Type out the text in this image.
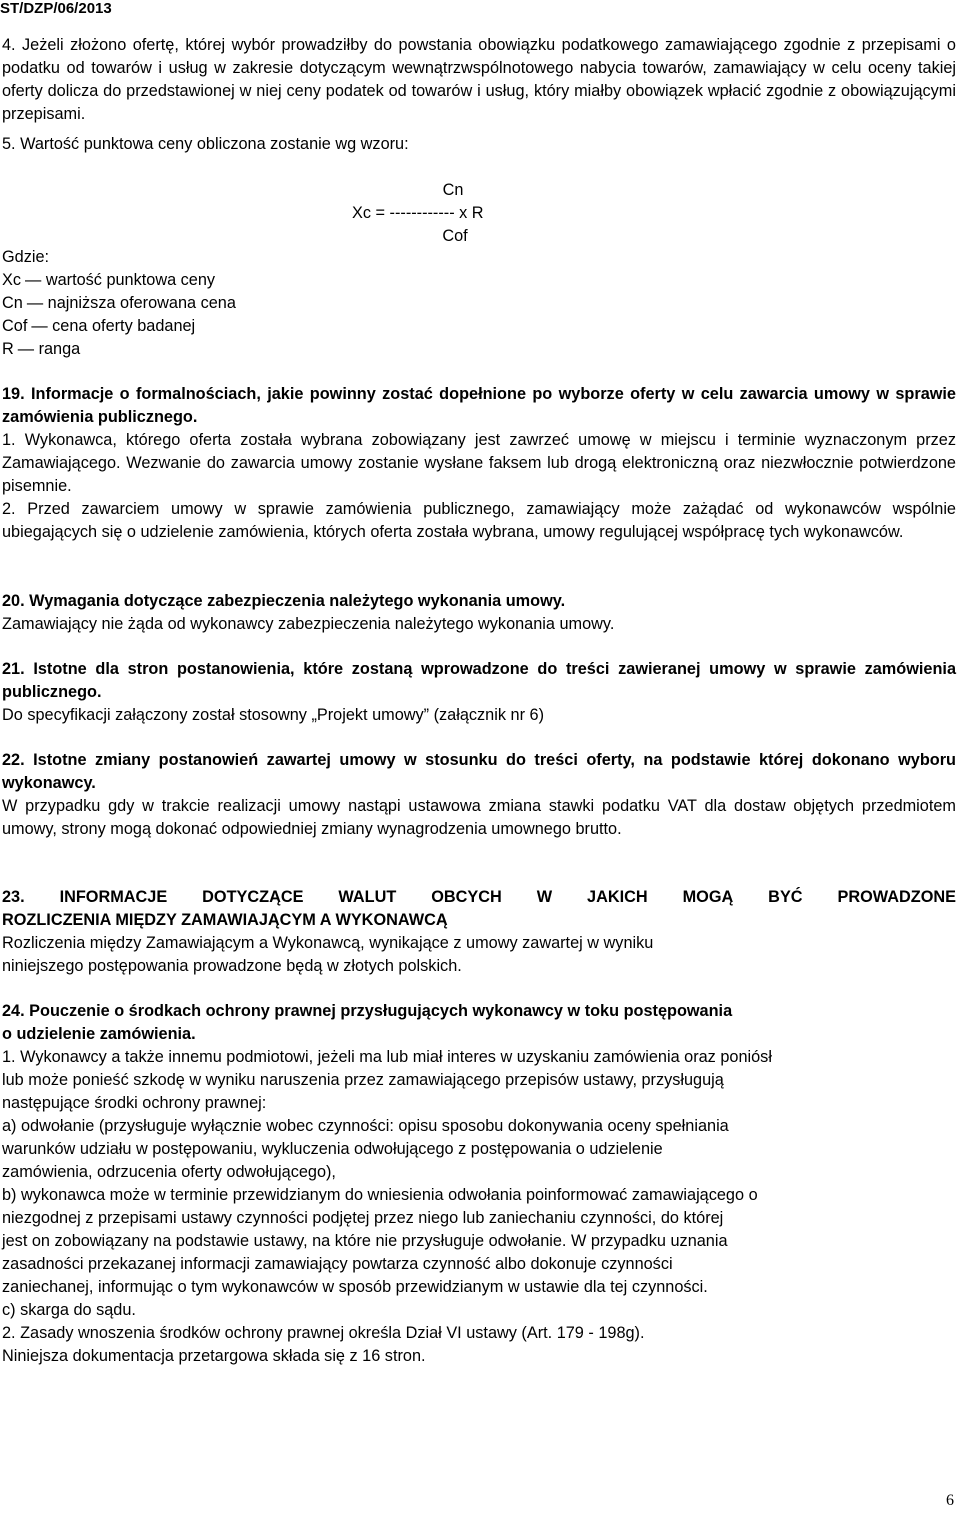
ST/DZP/06/2013
4. Jeżeli złożono ofertę, której wybór prowadziłby do powstania obowiązku podatkowego zamawiającego zgodnie z przepisami o podatku od towarów i usług w zakresie dotyczącym wewnątrzwspólnotowego nabycia towarów, zamawiający w celu oceny takiej oferty dolicza do przedstawionej w niej ceny podatek od towarów i usług, który miałby obowiązek wpłacić zgodnie z obowiązującymi przepisami.
5. Wartość punktowa ceny obliczona zostanie wg wzoru:
Cn
Xc = ------------ x R
Cof
Gdzie:
Xc — wartość punktowa ceny
Cn — najniższa oferowana cena
Cof — cena oferty badanej
R — ranga
19. Informacje o formalnościach, jakie powinny zostać dopełnione po wyborze oferty w celu zawarcia umowy w sprawie zamówienia publicznego.
1. Wykonawca, którego oferta została wybrana zobowiązany jest zawrzeć umowę w miejscu i terminie wyznaczonym przez Zamawiającego. Wezwanie do zawarcia umowy zostanie wysłane faksem lub drogą elektroniczną oraz niezwłocznie potwierdzone pisemnie.
2. Przed zawarciem umowy w sprawie zamówienia publicznego, zamawiający może zażądać od wykonawców wspólnie ubiegających się o udzielenie zamówienia, których oferta została wybrana, umowy regulującej współpracę tych wykonawców.
20. Wymagania dotyczące zabezpieczenia należytego wykonania umowy.
Zamawiający nie żąda od wykonawcy zabezpieczenia należytego wykonania umowy.
21. Istotne dla stron postanowienia, które zostaną wprowadzone do treści zawieranej umowy w sprawie zamówienia publicznego.
Do specyfikacji załączony został stosowny „Projekt umowy” (załącznik nr 6)
22. Istotne zmiany postanowień zawartej umowy w stosunku do treści oferty, na podstawie której dokonano wyboru wykonawcy.
W przypadku gdy w trakcie realizacji umowy nastąpi ustawowa zmiana stawki podatku VAT dla dostaw objętych przedmiotem umowy, strony mogą dokonać odpowiedniej zmiany wynagrodzenia umownego brutto.
23. INFORMACJE DOTYCZĄCE WALUT OBCYCH W JAKICH MOGĄ BYĆ PROWADZONE
ROZLICZENIA MIĘDZY ZAMAWIAJĄCYM A WYKONAWCĄ
Rozliczenia między Zamawiającym a Wykonawcą, wynikające z umowy zawartej w wyniku
niniejszego postępowania prowadzone będą w złotych polskich.
24. Pouczenie o środkach ochrony prawnej przysługujących wykonawcy w toku postępowania
o udzielenie zamówienia.
1. Wykonawcy a także innemu podmiotowi, jeżeli ma lub miał interes w uzyskaniu zamówienia oraz poniósł
lub może ponieść szkodę w wyniku naruszenia przez zamawiającego przepisów ustawy, przysługują
następujące środki ochrony prawnej:
a) odwołanie (przysługuje wyłącznie wobec czynności: opisu sposobu dokonywania oceny spełniania
warunków udziału w postępowaniu, wykluczenia odwołującego z postępowania o udzielenie
zamówienia, odrzucenia oferty odwołującego),
b) wykonawca może w terminie przewidzianym do wniesienia odwołania poinformować zamawiającego o
niezgodnej z przepisami ustawy czynności podjętej przez niego lub zaniechaniu czynności, do której
jest on zobowiązany na podstawie ustawy, na które nie przysługuje odwołanie. W przypadku uznania
zasadności przekazanej informacji zamawiający powtarza czynność albo dokonuje czynności
zaniechanej, informując o tym wykonawców w sposób przewidzianym w ustawie dla tej czynności.
c) skarga do sądu.
2. Zasady wnoszenia środków ochrony prawnej określa Dział VI ustawy (Art. 179 - 198g).
Niniejsza dokumentacja przetargowa składa się z 16 stron.
6
